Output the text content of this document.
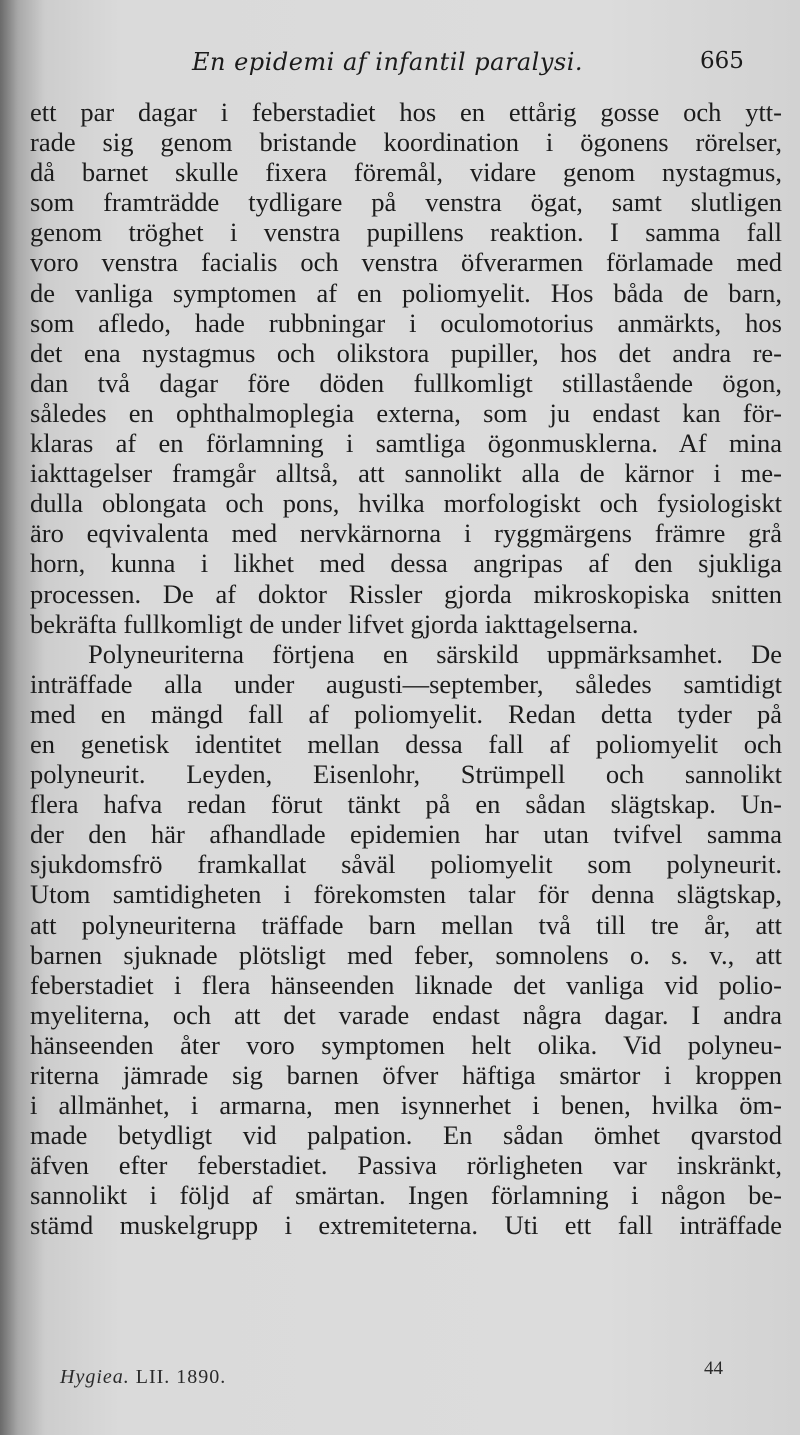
En epidemi af infantil paralysi.	665
ett par dagar i feberstadiet hos en ettårig gosse och ytt-
rade sig genom bristande koordination i ögonens rörelser,
då barnet skulle fixera föremål, vidare genom nystagmus,
som framträdde tydligare på venstra ögat, samt slutligen
genom tröghet i venstra pupillens reaktion. I samma fall
voro venstra facialis och venstra öfverarmen förlamade med
de vanliga symptomen af en poliomyelit. Hos båda de barn,
som afledo, hade rubbningar i oculomotorius anmärkts, hos
det ena nystagmus och olikstora pupiller, hos det andra re-
dan två dagar före döden fullkomligt stillastående ögon,
således en ophthalmoplegia externa, som ju endast kan för-
klaras af en förlamning i samtliga ögonmusklerna. Af mina
iakttagelser framgår alltså, att sannolikt alla de kärnor i me-
dulla oblongata och pons, hvilka morfologiskt och fysiologiskt
äro eqvivalenta med nervkärnorna i ryggmärgens främre grå
horn, kunna i likhet med dessa angripas af den sjukliga
processen. De af doktor Rissler gjorda mikroskopiska snitten
bekräfta fullkomligt de under lifvet gjorda iakttagelserna.
Polyneuriterna förtjena en särskild uppmärksamhet. De
inträffade alla under augusti—september, således samtidigt
med en mängd fall af poliomyelit. Redan detta tyder på
en genetisk identitet mellan dessa fall af poliomyelit och
polyneurit. Leyden, Eisenlohr, Strümpell och sannolikt
flera hafva redan förut tänkt på en sådan slägtskap. Un-
der den här afhandlade epidemien har utan tvifvel samma
sjukdomsfrö framkallat såväl poliomyelit som polyneurit.
Utom samtidigheten i förekomsten talar för denna slägtskap,
att polyneuriterna träffade barn mellan två till tre år, att
barnen sjuknade plötsligt med feber, somnolens o. s. v., att
feberstadiet i flera hänseenden liknade det vanliga vid polio-
myeliterna, och att det varade endast några dagar. I andra
hänseenden åter voro symptomen helt olika. Vid polyneu-
riterna jämrade sig barnen öfver häftiga smärtor i kroppen
i allmänhet, i armarna, men isynnerhet i benen, hvilka öm-
made betydligt vid palpation. En sådan ömhet qvarstod
äfven efter feberstadiet. Passiva rörligheten var inskränkt,
sannolikt i följd af smärtan. Ingen förlamning i någon be-
stämd muskelgrupp i extremiteterna. Uti ett fall inträffade
Hygiea. LII. 1890.	44
